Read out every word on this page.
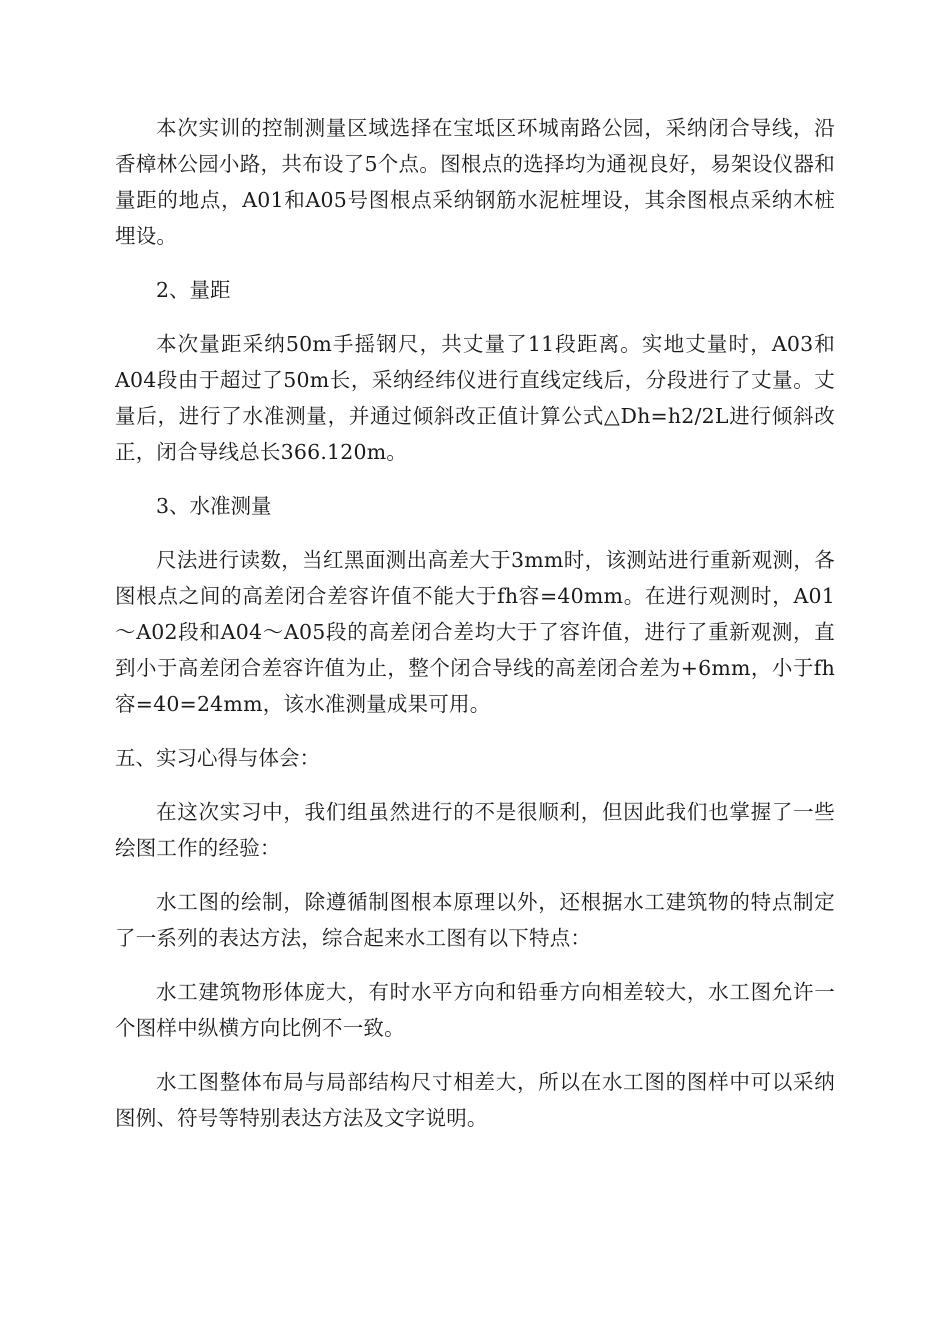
本次实训的控制测量区域选择在宝坻区环城南路公园，采纳闭合导线，沿香樟林公园小路，共布设了5个点。图根点的选择均为通视良好，易架设仪器和量距的地点，A01和A05号图根点采纳钢筋水泥桩埋设，其余图根点采纳木桩埋设。

2、量距

本次量距采纳50m手摇钢尺，共丈量了11段距离。实地丈量时，A03和A04段由于超过了50m长，采纳经纬仪进行直线定线后，分段进行了丈量。丈量后，进行了水准测量，并通过倾斜改正值计算公式△Dh=h2/2L进行倾斜改正，闭合导线总长366.120m。

3、水准测量

尺法进行读数，当红黑面测出高差大于3mm时，该测站进行重新观测，各图根点之间的高差闭合差容许值不能大于fh容=40mm。在进行观测时，A01～A02段和A04～A05段的高差闭合差均大于了容许值，进行了重新观测，直到小于高差闭合差容许值为止，整个闭合导线的高差闭合差为+6mm，小于fh容=40=24mm，该水准测量成果可用。

五、实习心得与体会：

在这次实习中，我们组虽然进行的不是很顺利，但因此我们也掌握了一些绘图工作的经验：

水工图的绘制，除遵循制图根本原理以外，还根据水工建筑物的特点制定了一系列的表达方法，综合起来水工图有以下特点：

水工建筑物形体庞大，有时水平方向和铅垂方向相差较大，水工图允许一个图样中纵横方向比例不一致。

水工图整体布局与局部结构尺寸相差大，所以在水工图的图样中可以采纳图例、符号等特别表达方法及文字说明。
